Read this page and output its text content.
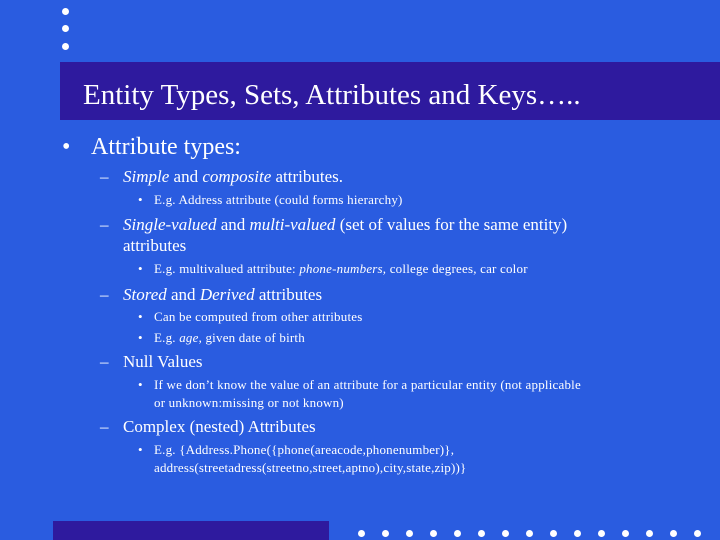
Entity Types, Sets, Attributes and Keys…..
• Attribute types:
– Simple and composite attributes.
• E.g. Address attribute (could forms hierarchy)
– Single-valued and multi-valued (set of values for the same entity)
attributes
• E.g. multivalued attribute: phone-numbers, college degrees, car color
– Stored and Derived attributes
• Can be computed from other attributes
• E.g. age, given date of birth
– Null Values
• If we don’t know the value of an attribute for a particular entity (not applicable
or unknown:missing or not known)
– Complex (nested) Attributes
• E.g. {Address.Phone({phone(areacode,phonenumber)},
address(streetadress(streetno,street,aptno),city,state,zip))}
